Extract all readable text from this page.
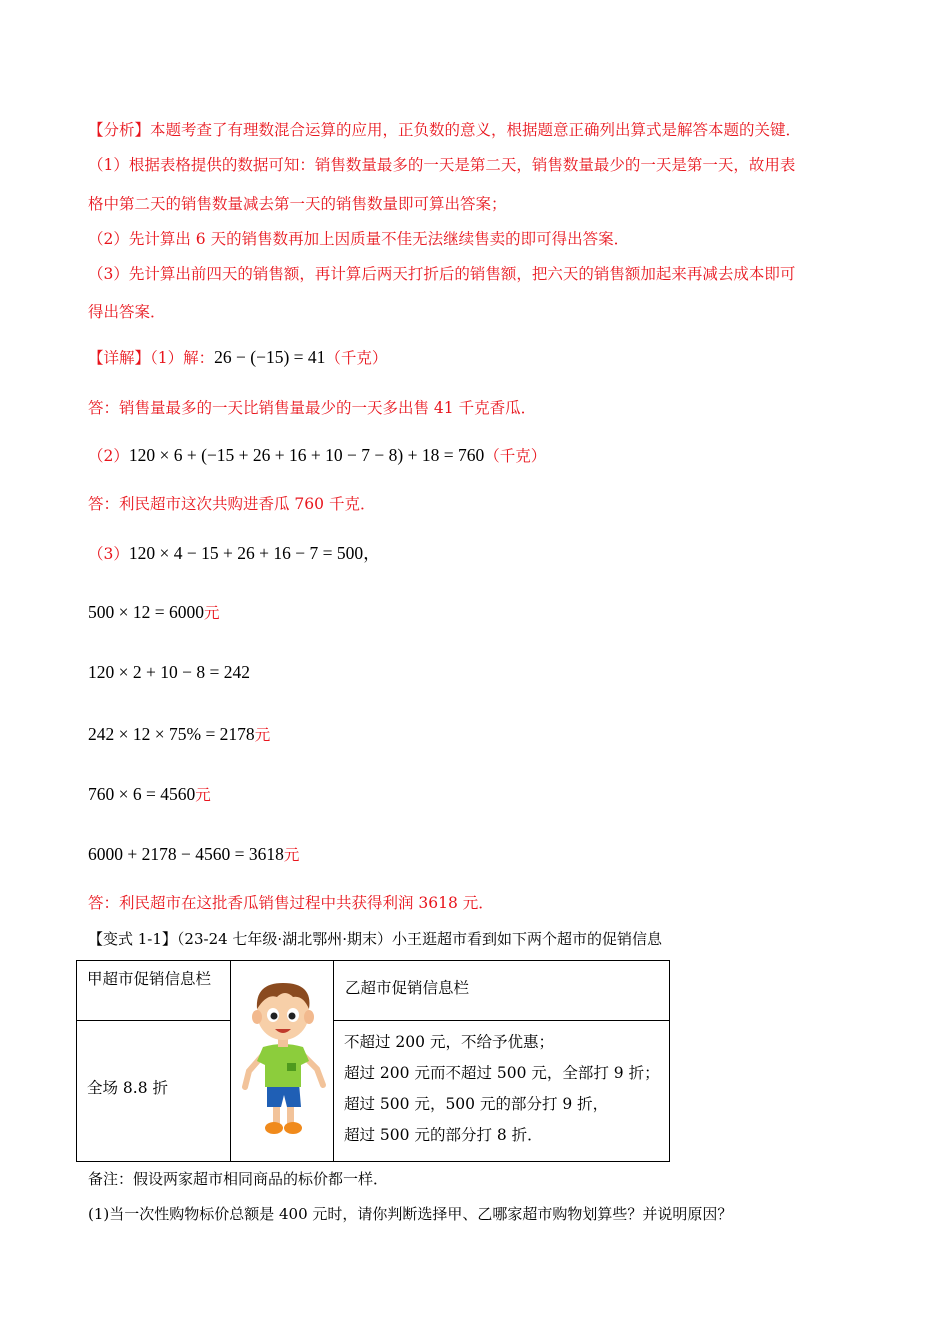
【分析】本题考查了有理数混合运算的应用，正负数的意义，根据题意正确列出算式是解答本题的关键．
（1）根据表格提供的数据可知：销售数量最多的一天是第二天，销售数量最少的一天是第一天，故用表
格中第二天的销售数量减去第一天的销售数量即可算出答案；
（2）先计算出 6 天的销售数再加上因质量不佳无法继续售卖的即可得出答案．
（3）先计算出前四天的销售额，再计算后两天打折后的销售额，把六天的销售额加起来再减去成本即可
得出答案．
【详解】（1）解：26 − (−15) = 41（千克）
答：销售量最多的一天比销售量最少的一天多出售 41 千克香瓜．
（2）120 × 6 + (−15 + 26 + 16 + 10 − 7 − 8) + 18 = 760（千克）
答：利民超市这次共购进香瓜 760 千克．
（3）120 × 4 − 15 + 26 + 16 − 7 = 500，
500 × 12 = 6000元
120 × 2 + 10 − 8 = 242
242 × 12 × 75% = 2178元
760 × 6 = 4560元
6000 + 2178 − 4560 = 3618元
答：利民超市在这批香瓜销售过程中共获得利润 3618 元．
【变式 1-1】（23-24 七年级·湖北鄂州·期末）小王逛超市看到如下两个超市的促销信息
甲超市促销信息栏	乙超市促销信息栏
全场 8.8 折
不超过 200 元，不给予优惠；
超过 200 元而不超过 500 元，全部打 9 折；
超过 500 元，500 元的部分打 9 折，
超过 500 元的部分打 8 折．
备注：假设两家超市相同商品的标价都一样．
(1)当一次性购物标价总额是 400 元时，请你判断选择甲、乙哪家超市购物划算些？并说明原因？
